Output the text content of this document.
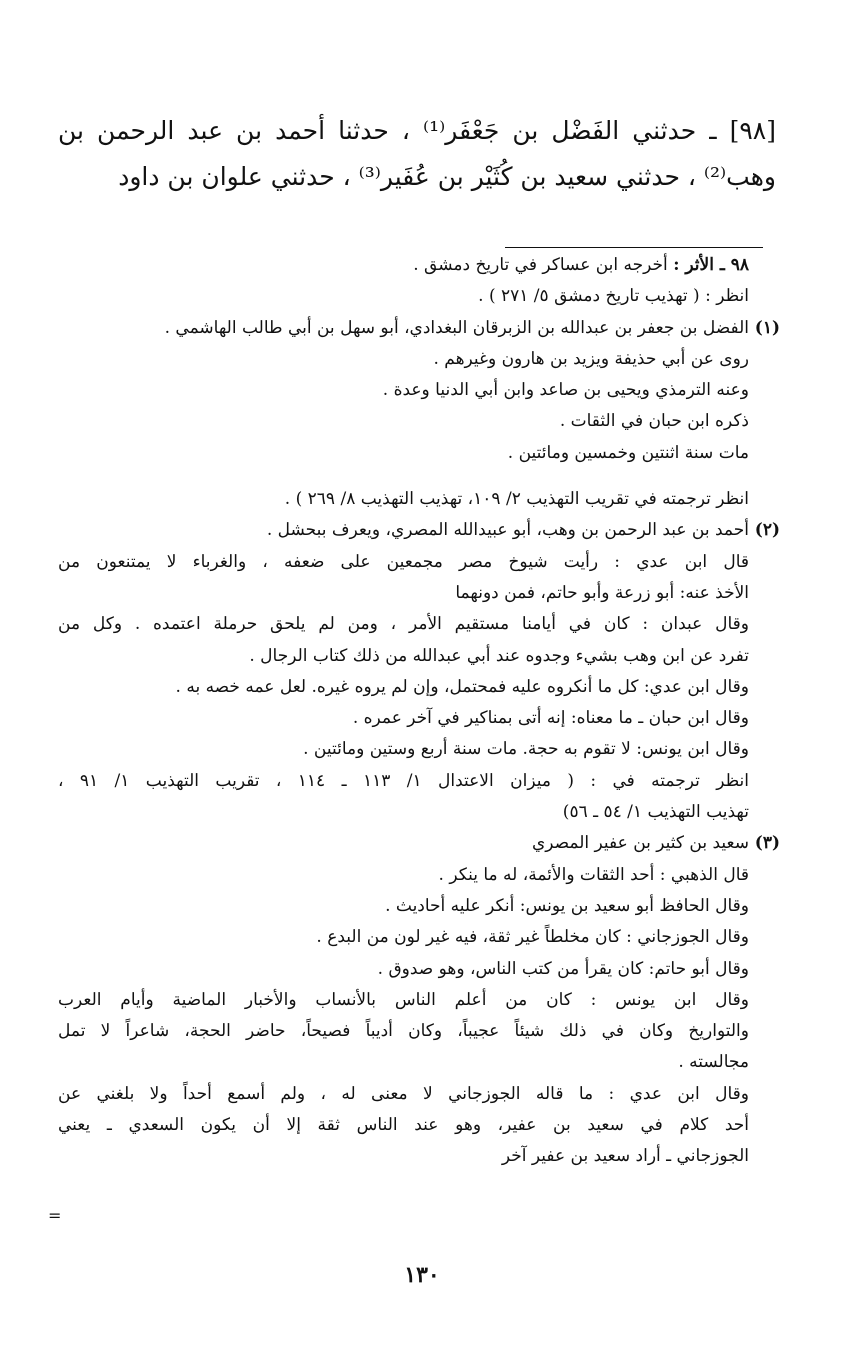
[٩٨] ـ حدثني الفَضْل بن جَعْفَر⁽¹⁾ ، حدثنا أحمد بن عبد الرحمن بن

وهب⁽²⁾ ، حدثني سعيد بن كُثَيْر بن عُفَير⁽³⁾ ، حدثني علوان بن داود

٩٨ ـ الأثر : أخرجه ابن عساكر في تاريخ دمشق .
انظر : ( تهذيب تاريخ دمشق ٥/ ٢٧١ ) .
(١)الفضل بن جعفر بن عبدالله بن الزبرقان البغدادي، أبو سهل بن أبي طالب الهاشمي .
روى عن أبي حذيفة ويزيد بن هارون وغيرهم .
وعنه الترمذي ويحيى بن صاعد وابن أبي الدنيا وعدة .
ذكره ابن حبان في الثقات .
مات سنة اثنتين وخمسين ومائتين .
انظر ترجمته في تقريب التهذيب ٢/ ١٠٩، تهذيب التهذيب ٨/ ٢٦٩ ) .
(٢)أحمد بن عبد الرحمن بن وهب، أبو عبيدالله المصري، ويعرف ببحشل .
قال ابن عدي : رأيت شيوخ مصر مجمعين على ضعفه ، والغرباء لا يمتنعون من
الأخذ عنه: أبو زرعة وأبو حاتم، فمن دونهما
وقال عبدان : كان في أيامنا مستقيم الأمر ، ومن لم يلحق حرملة اعتمده . وكل من
تفرد عن ابن وهب بشيء وجدوه عند أبي عبدالله من ذلك كتاب الرجال .
وقال ابن عدي: كل ما أنكروه عليه فمحتمل، وإن لم يروه غيره. لعل عمه خصه به .
وقال ابن حبان ـ ما معناه: إنه أتى بمناكير في آخر عمره .
وقال ابن يونس: لا تقوم به حجة. مات سنة أربع وستين ومائتين .
انظر ترجمته في : ( ميزان الاعتدال ١/ ١١٣ ـ ١١٤ ، تقريب التهذيب ١/ ٩١ ،
تهذيب التهذيب ١/ ٥٤ ـ ٥٦)
(٣)سعيد بن كثير بن عفير المصري
قال الذهبي : أحد الثقات والأئمة، له ما ينكر .
وقال الحافظ أبو سعيد بن يونس: أنكر عليه أحاديث .
وقال الجوزجاني : كان مخلطاً غير ثقة، فيه غير لون من البدع .
وقال أبو حاتم: كان يقرأ من كتب الناس، وهو صدوق .
وقال ابن يونس : كان من أعلم الناس بالأنساب والأخبار الماضية وأيام العرب
والتواريخ وكان في ذلك شيئاً عجيباً، وكان أديباً فصيحاً، حاضر الحجة، شاعراً لا تمل
مجالسته .
وقال ابن عدي : ما قاله الجوزجاني لا معنى له ، ولم أسمع أحداً ولا بلغني عن
أحد كلام في سعيد بن عفير، وهو عند الناس ثقة إلا أن يكون السعدي ـ يعني
الجوزجاني ـ أراد سعيد بن عفير آخر
=
١٣٠
